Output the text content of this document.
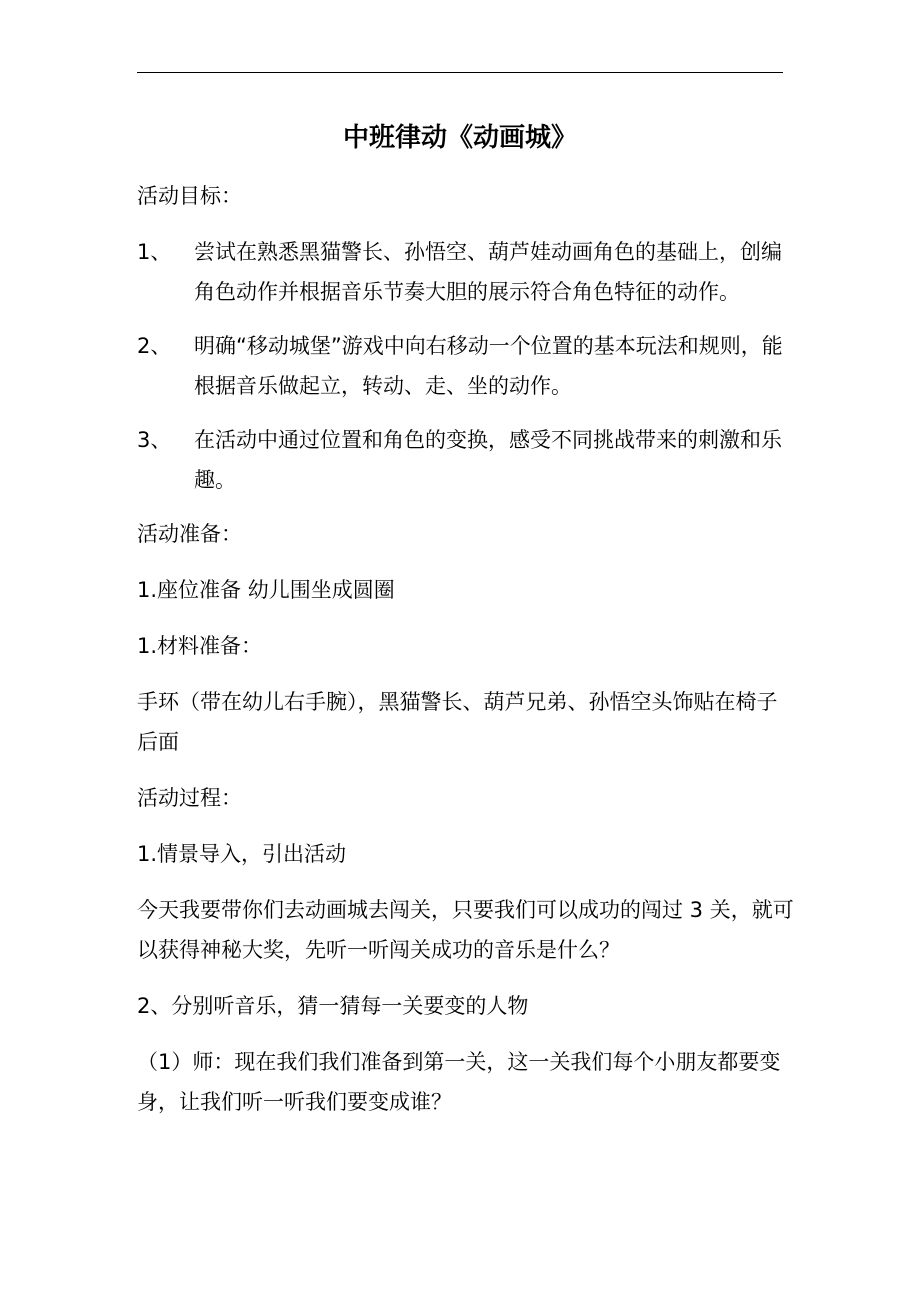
中班律动《动画城》

活动目标：

1、 尝试在熟悉黑猫警长、孙悟空、葫芦娃动画角色的基础上，创编角色动作并根据音乐节奏大胆的展示符合角色特征的动作。
2、 明确“移动城堡”游戏中向右移动一个位置的基本玩法和规则，能根据音乐做起立，转动、走、坐的动作。
3、 在活动中通过位置和角色的变换，感受不同挑战带来的刺激和乐趣。

活动准备：

1.座位准备 幼儿围坐成圆圈

1.材料准备：

手环（带在幼儿右手腕），黑猫警长、葫芦兄弟、孙悟空头饰贴在椅子后面

活动过程：

1.情景导入，引出活动

今天我要带你们去动画城去闯关，只要我们可以成功的闯过 3 关，就可以获得神秘大奖，先听一听闯关成功的音乐是什么？

2、分别听音乐，猜一猜每一关要变的人物

（1）师：现在我们我们准备到第一关，这一关我们每个小朋友都要变身，让我们听一听我们要变成谁？
